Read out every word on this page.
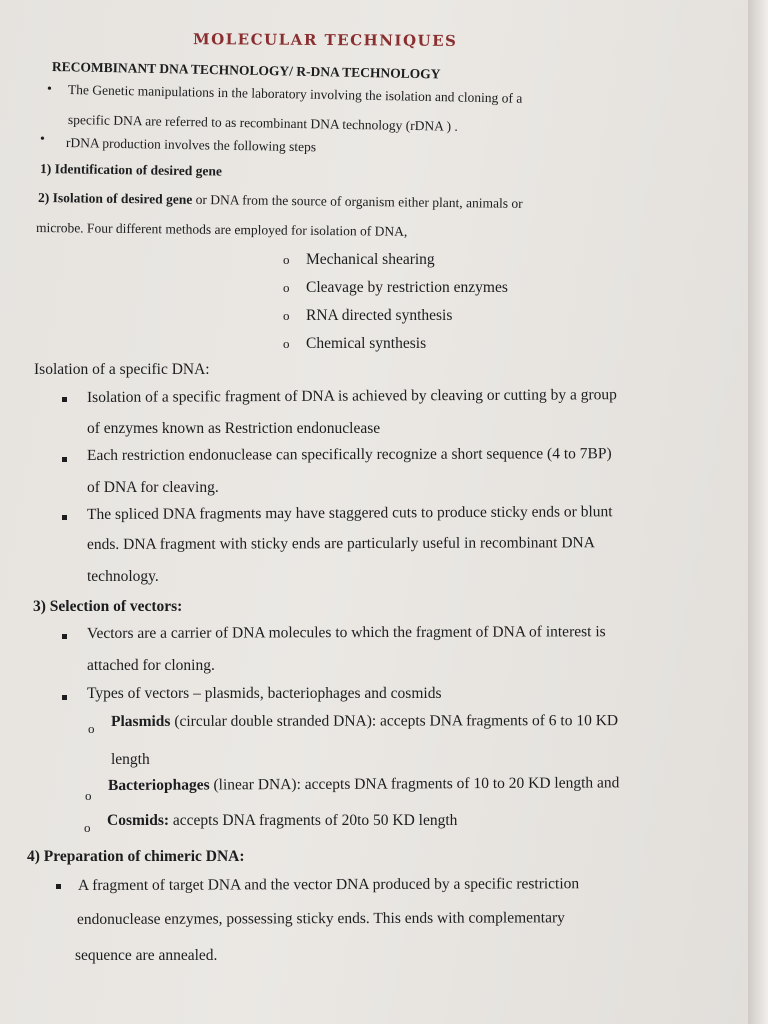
MOLECULAR TECHNIQUES
RECOMBINANT DNA TECHNOLOGY/ R-DNA TECHNOLOGY
• The Genetic manipulations in the laboratory involving the isolation and cloning of a
specific DNA are referred to as recombinant DNA technology (rDNA ) .
• rDNA production involves the following steps
1) Identification of desired gene
2) Isolation of desired gene or DNA from the source of organism either plant, animals or
microbe. Four different methods are employed for isolation of DNA,
o Mechanical shearing
o Cleavage by restriction enzymes
o RNA directed synthesis
o Chemical synthesis
Isolation of a specific DNA:
Isolation of a specific fragment of DNA is achieved by cleaving or cutting by a group
of enzymes known as Restriction endonuclease
Each restriction endonuclease can specifically recognize a short sequence (4 to 7BP)
of DNA for cleaving.
The spliced DNA fragments may have staggered cuts to produce sticky ends or blunt
ends. DNA fragment with sticky ends are particularly useful in recombinant DNA
technology.
3) Selection of vectors:
Vectors are a carrier of DNA molecules to which the fragment of DNA of interest is
attached for cloning.
Types of vectors – plasmids, bacteriophages and cosmids
o Plasmids (circular double stranded DNA): accepts DNA fragments of 6 to 10 KD
length
o
Bacteriophages (linear DNA): accepts DNA fragments of 10 to 20 KD length and
o Cosmids: accepts DNA fragments of 20to 50 KD length
4) Preparation of chimeric DNA:
A fragment of target DNA and the vector DNA produced by a specific restriction
endonuclease enzymes, possessing sticky ends. This ends with complementary
sequence are annealed.
